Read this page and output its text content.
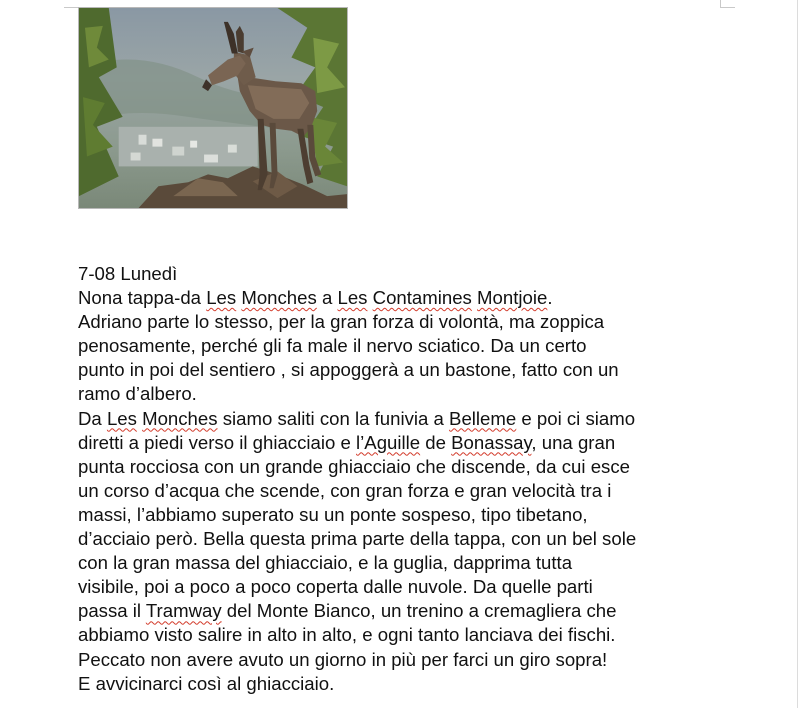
7-08 Lunedì

Nona tappa-da Les Monches a Les Contamines Montjoie.

Adriano parte lo stesso, per la gran forza di volontà, ma zoppica

penosamente, perché gli fa male il nervo sciatico. Da un certo

punto in poi del sentiero , si appoggerà a un bastone, fatto con un

ramo d’albero.

Da Les Monches siamo saliti con la funivia a Belleme e poi ci siamo

diretti a piedi verso il ghiacciaio e l’Aguille de Bonassay, una gran

punta rocciosa con un grande ghiacciaio che discende, da cui esce

un corso d’acqua che scende, con gran forza e gran velocità tra i

massi, l’abbiamo superato su un ponte sospeso, tipo tibetano,

d’acciaio però. Bella questa prima parte della tappa, con un bel sole

con la gran massa del ghiacciaio, e la guglia, dapprima tutta

visibile, poi a poco a poco coperta dalle nuvole. Da quelle parti

passa il Tramway del Monte Bianco, un trenino a cremagliera che

abbiamo visto salire in alto in alto, e ogni tanto lanciava dei fischi.

Peccato non avere avuto un giorno in più per farci un giro sopra!

E avvicinarci così al ghiacciaio.
